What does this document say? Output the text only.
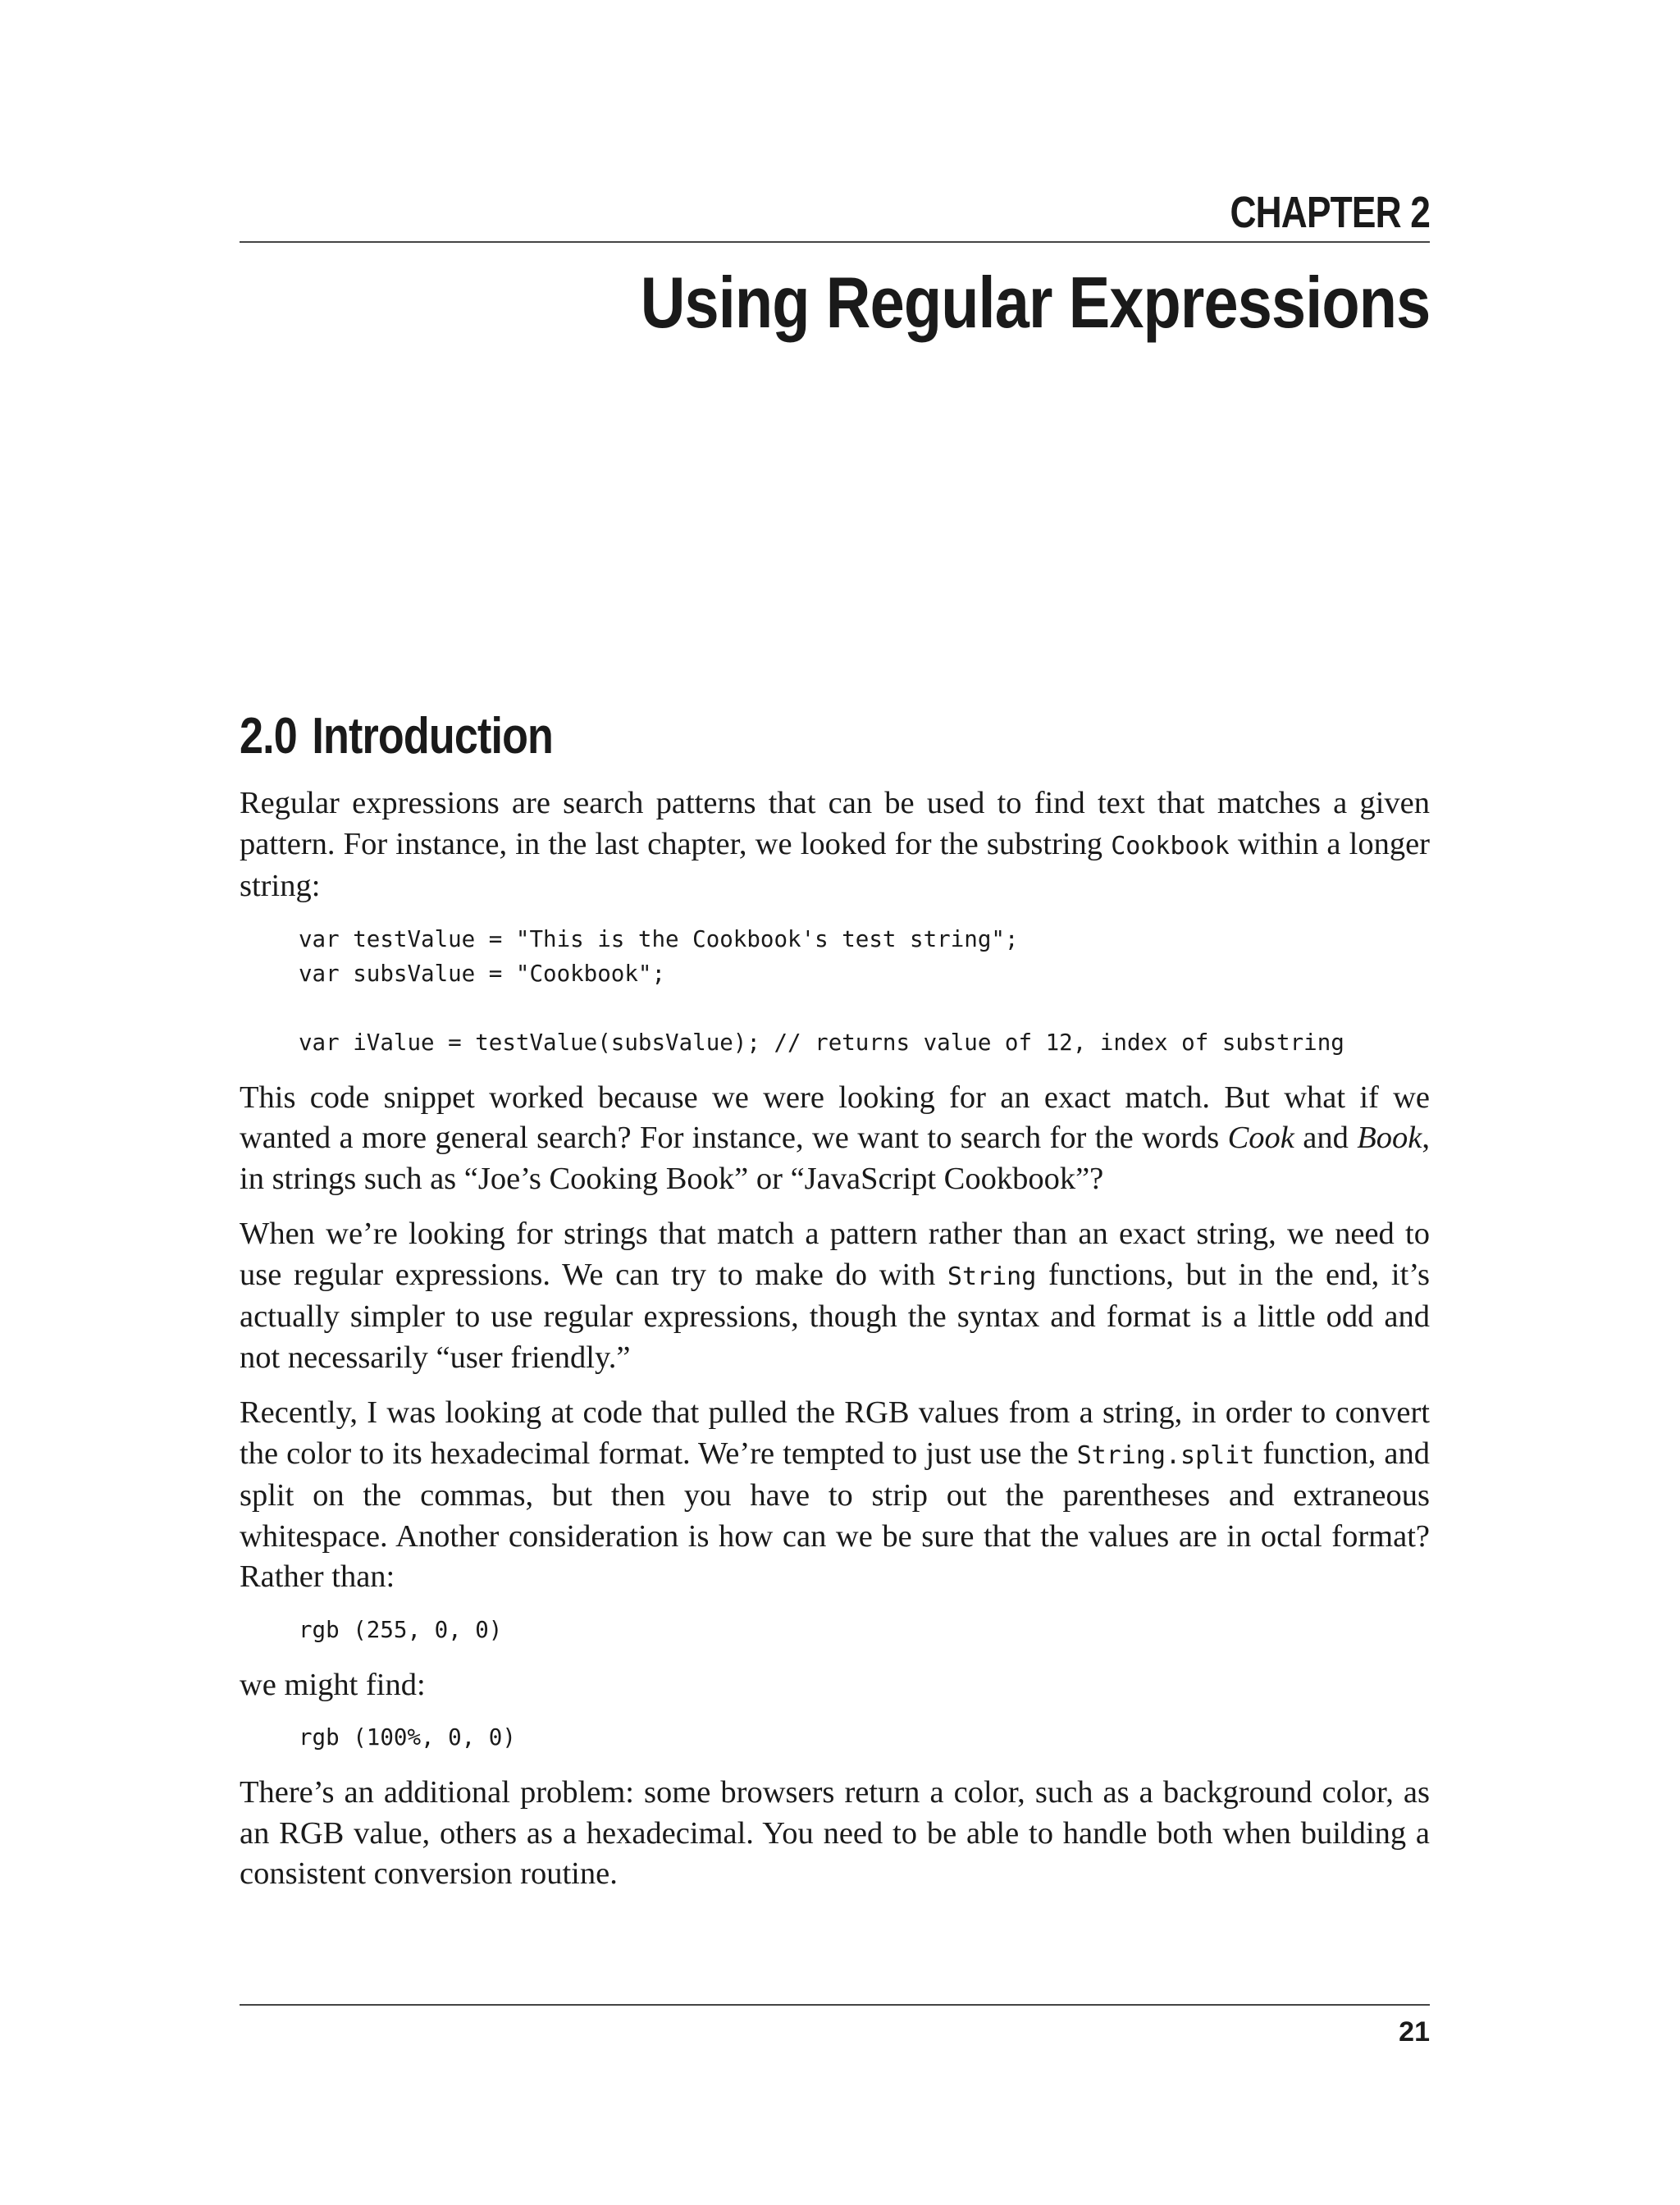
CHAPTER 2
Using Regular Expressions
2.0 Introduction

Regular expressions are search patterns that can be used to find text that matches a given pattern. For instance, in the last chapter, we looked for the substring Cookbook within a longer string:

var testValue = "This is the Cookbook's test string";
var subsValue = "Cookbook";

var iValue = testValue(subsValue); // returns value of 12, index of substring

This code snippet worked because we were looking for an exact match. But what if we wanted a more general search? For instance, we want to search for the words Cook and Book, in strings such as “Joe’s Cooking Book” or “JavaScript Cookbook”?

When we’re looking for strings that match a pattern rather than an exact string, we need to use regular expressions. We can try to make do with String functions, but in the end, it’s actually simpler to use regular expressions, though the syntax and format is a little odd and not necessarily “user friendly.”

Recently, I was looking at code that pulled the RGB values from a string, in order to convert the color to its hexadecimal format. We’re tempted to just use the String.split function, and split on the commas, but then you have to strip out the parentheses and extraneous whitespace. Another consideration is how can we be sure that the values are in octal format? Rather than:

rgb (255, 0, 0)

we might find:

rgb (100%, 0, 0)

There’s an additional problem: some browsers return a color, such as a background color, as an RGB value, others as a hexadecimal. You need to be able to handle both when building a consistent conversion routine.

21
